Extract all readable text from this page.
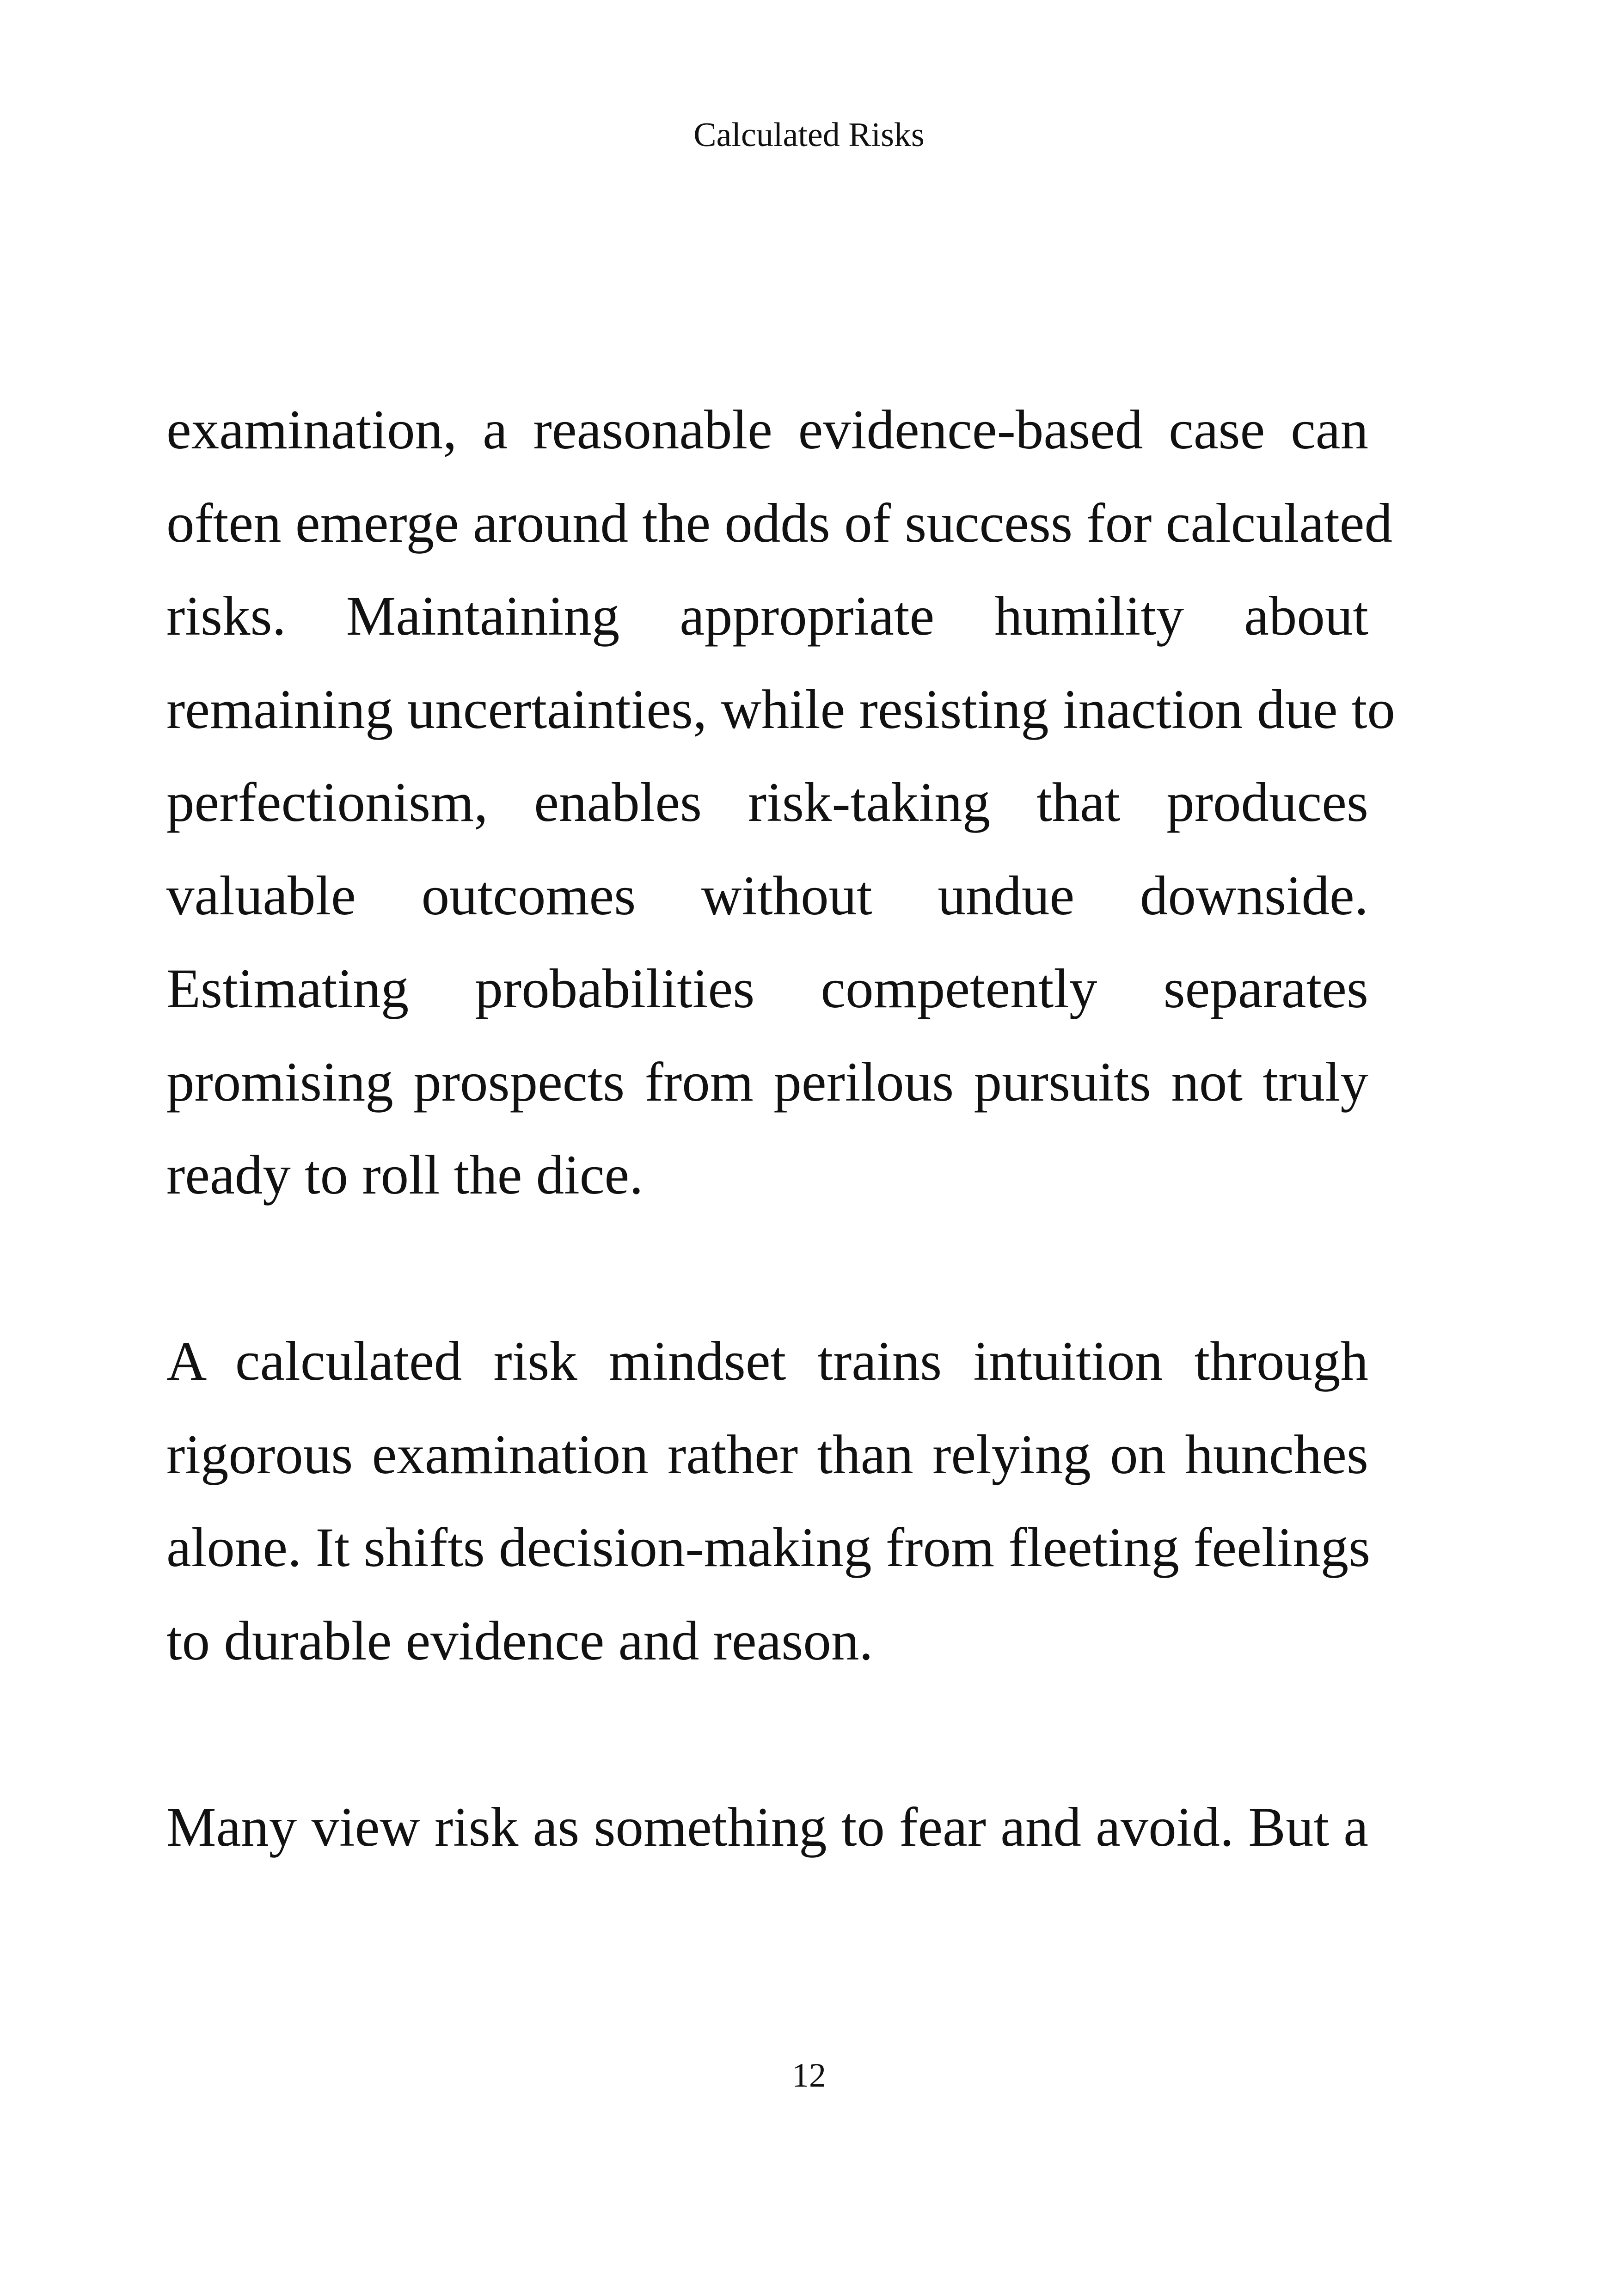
Calculated Risks

examination, a reasonable evidence-based case can
often emerge around the odds of success for calculated
risks. Maintaining appropriate humility about
remaining uncertainties, while resisting inaction due to
perfectionism, enables risk-taking that produces
valuable outcomes without undue downside.
Estimating probabilities competently separates
promising prospects from perilous pursuits not truly
ready to roll the dice.

A calculated risk mindset trains intuition through
rigorous examination rather than relying on hunches
alone. It shifts decision-making from fleeting feelings
to durable evidence and reason.

Many view risk as something to fear and avoid. But a

12
